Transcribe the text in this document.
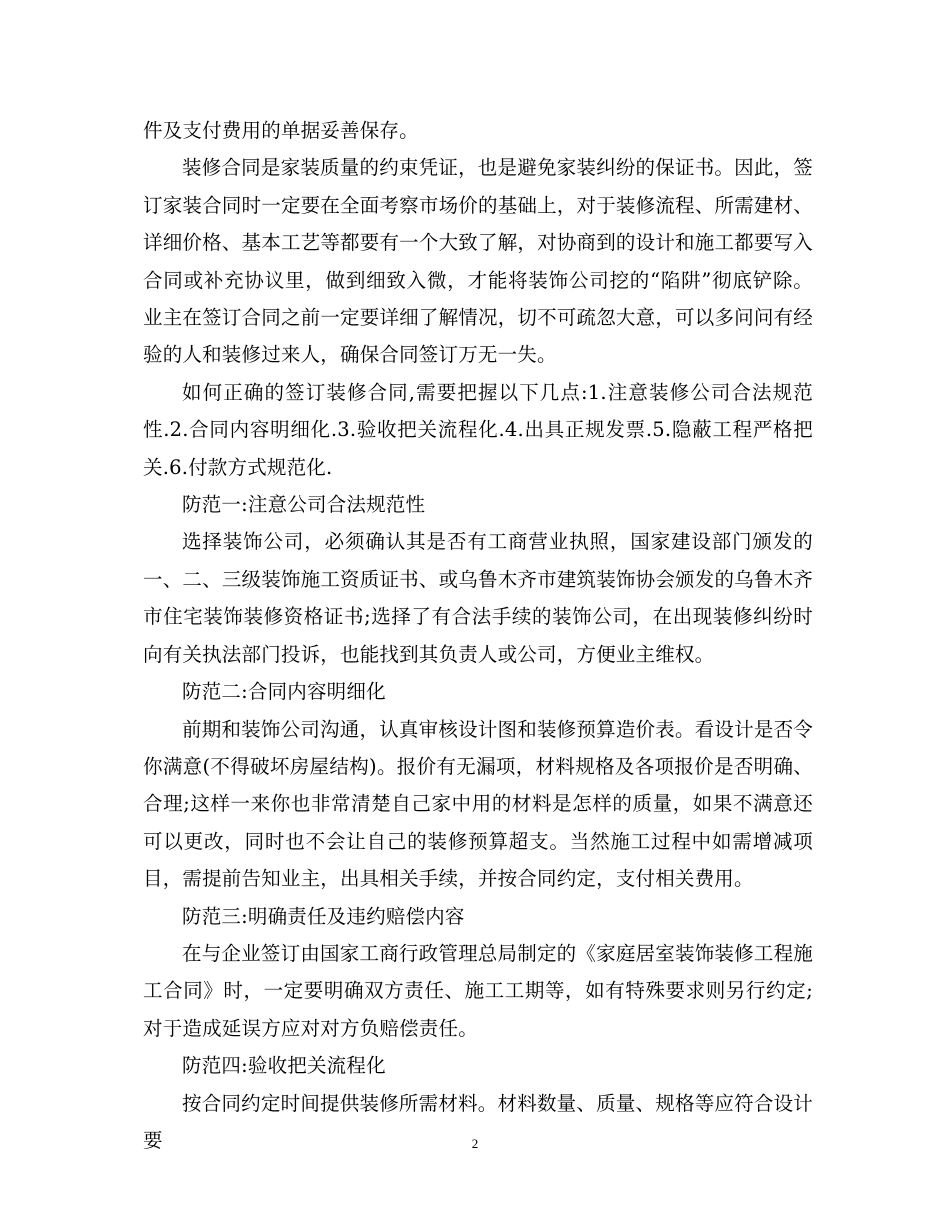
件及支付费用的单据妥善保存。

装修合同是家装质量的约束凭证，也是避免家装纠纷的保证书。因此，签订家装合同时一定要在全面考察市场价的基础上，对于装修流程、所需建材、详细价格、基本工艺等都要有一个大致了解，对协商到的设计和施工都要写入合同或补充协议里，做到细致入微，才能将装饰公司挖的“陷阱”彻底铲除。业主在签订合同之前一定要详细了解情况，切不可疏忽大意，可以多问问有经验的人和装修过来人，确保合同签订万无一失。

如何正确的签订装修合同,需要把握以下几点:1.注意装修公司合法规范性.2.合同内容明细化.3.验收把关流程化.4.出具正规发票.5.隐蔽工程严格把关.6.付款方式规范化.

防范一:注意公司合法规范性

选择装饰公司，必须确认其是否有工商营业执照，国家建设部门颁发的一、二、三级装饰施工资质证书、或乌鲁木齐市建筑装饰协会颁发的乌鲁木齐市住宅装饰装修资格证书;选择了有合法手续的装饰公司，在出现装修纠纷时向有关执法部门投诉，也能找到其负责人或公司，方便业主维权。

防范二:合同内容明细化

前期和装饰公司沟通，认真审核设计图和装修预算造价表。看设计是否令你满意(不得破坏房屋结构)。报价有无漏项，材料规格及各项报价是否明确、合理;这样一来你也非常清楚自己家中用的材料是怎样的质量，如果不满意还可以更改，同时也不会让自己的装修预算超支。当然施工过程中如需增减项目，需提前告知业主，出具相关手续，并按合同约定，支付相关费用。

防范三:明确责任及违约赔偿内容

在与企业签订由国家工商行政管理总局制定的《家庭居室装饰装修工程施工合同》时，一定要明确双方责任、施工工期等，如有特殊要求则另行约定;对于造成延误方应对对方负赔偿责任。

防范四:验收把关流程化

按合同约定时间提供装修所需材料。材料数量、质量、规格等应符合设计要	2
